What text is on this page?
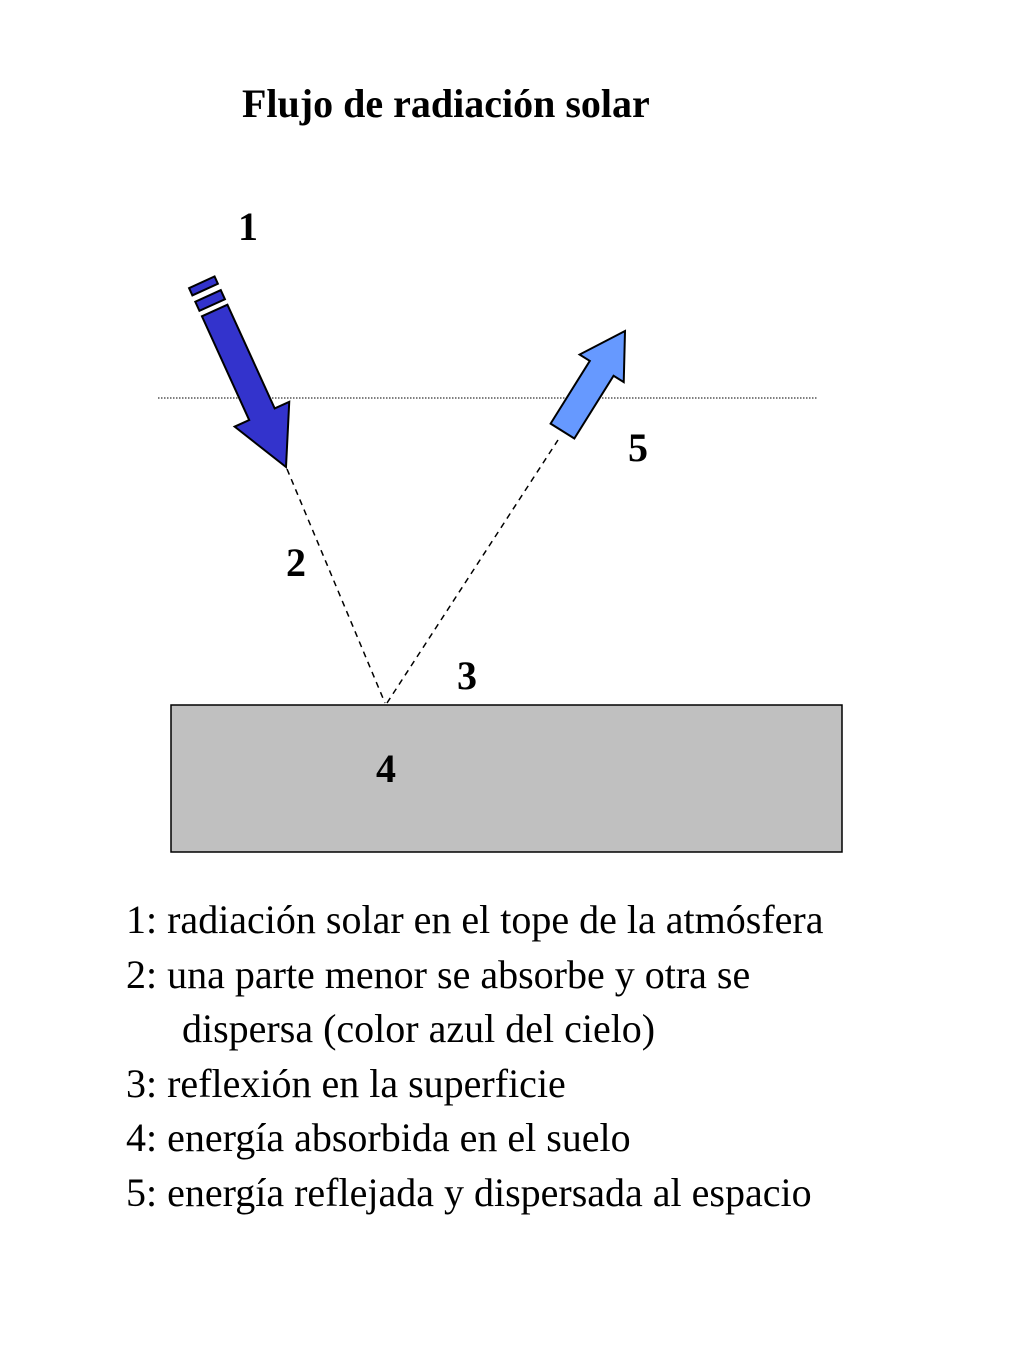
Flujo de radiación solar
1
5
2
3
4
1: radiación solar en el tope de la atmósfera
2: una parte menor se absorbe y otra se
dispersa (color azul del cielo)
3: reflexión en la superficie
4: energía absorbida en el suelo
5: energía reflejada y dispersada al espacio
